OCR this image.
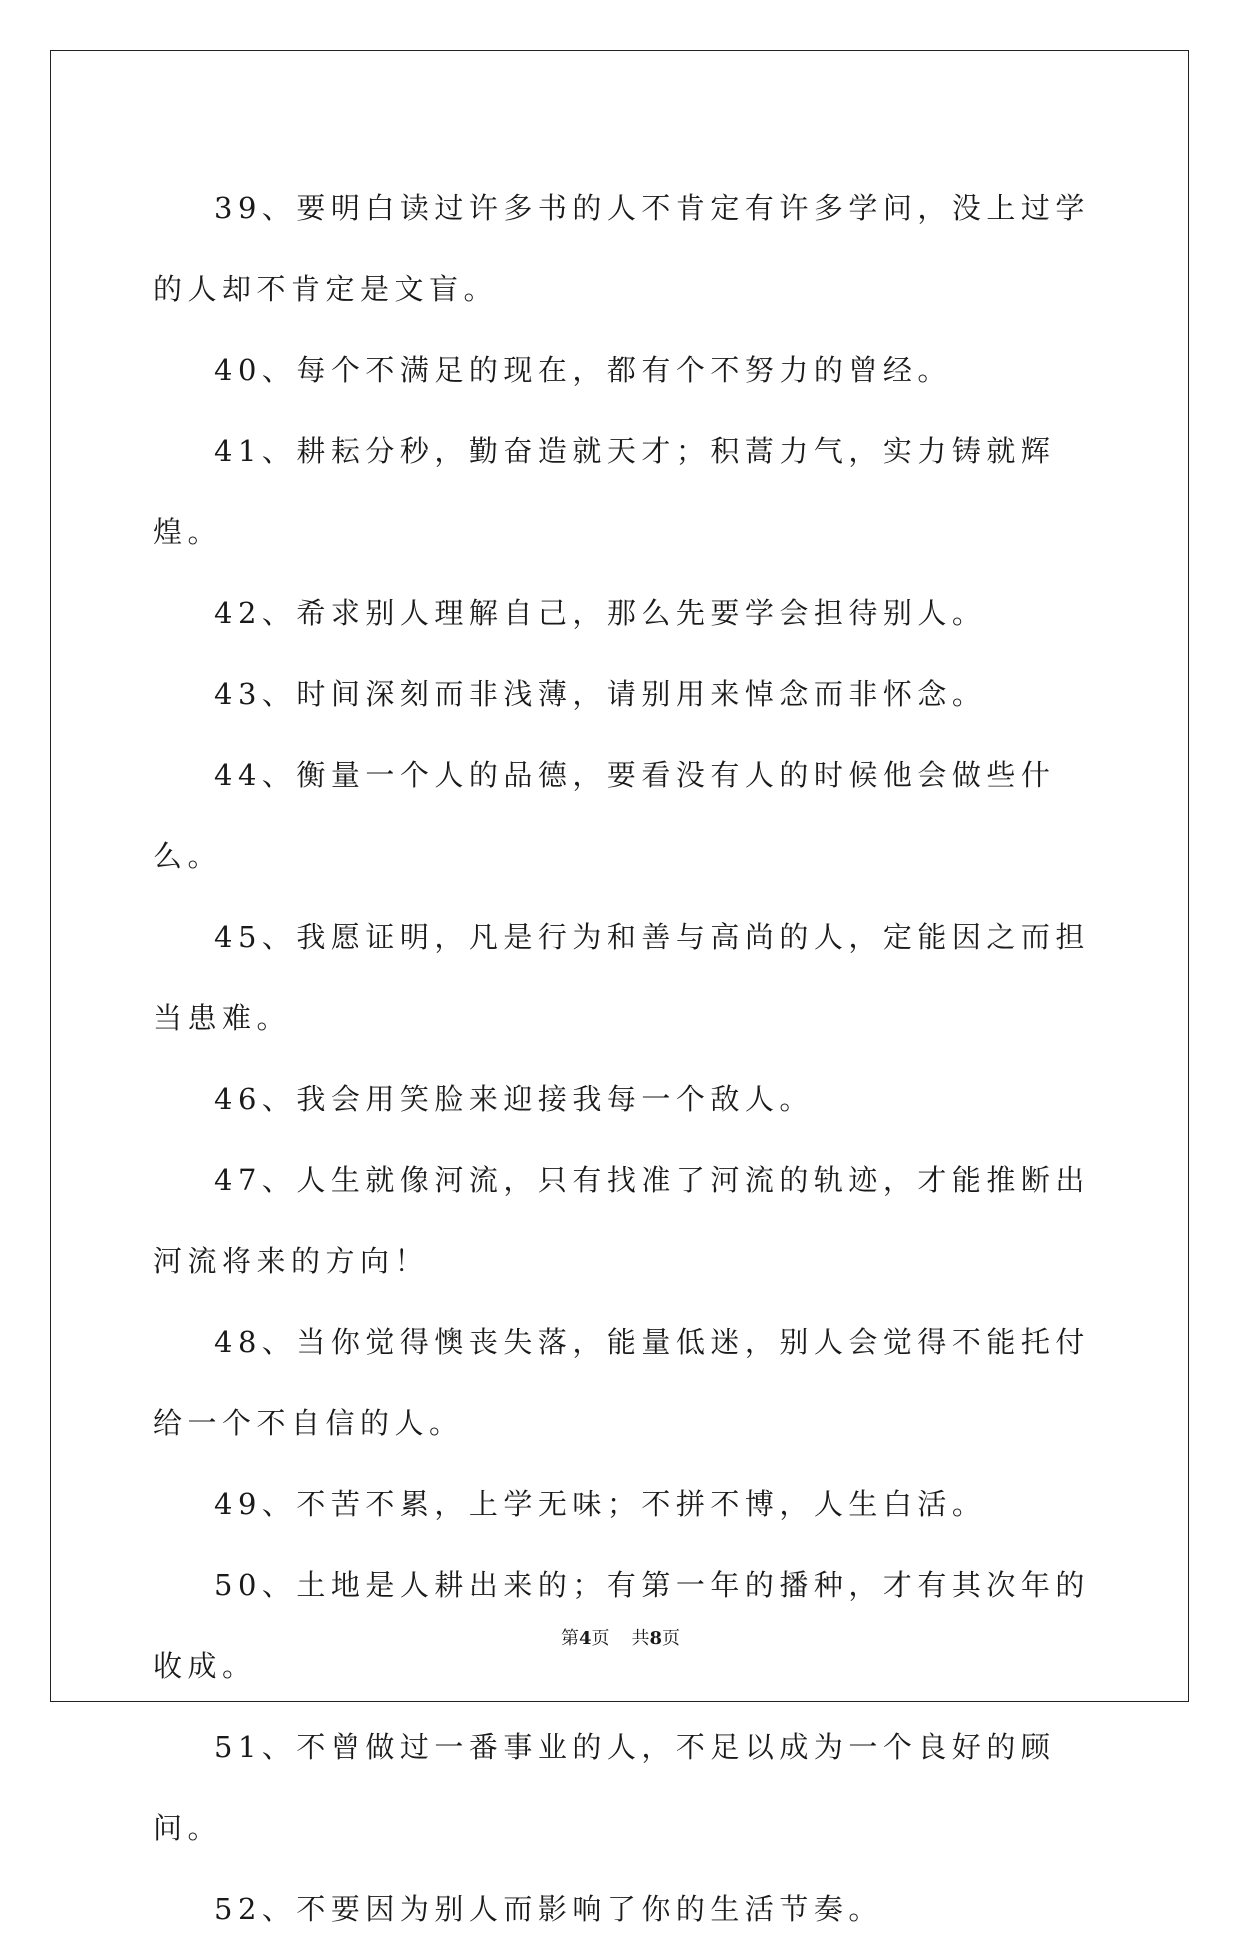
39、要明白读过许多书的人不肯定有许多学问，没上过学的人却不肯定是文盲。

40、每个不满足的现在，都有个不努力的曾经。

41、耕耘分秒，勤奋造就天才；积蒿力气，实力铸就辉煌。

42、希求别人理解自己，那么先要学会担待别人。

43、时间深刻而非浅薄，请别用来悼念而非怀念。

44、衡量一个人的品德，要看没有人的时候他会做些什么。

45、我愿证明，凡是行为和善与高尚的人，定能因之而担当患难。

46、我会用笑脸来迎接我每一个敌人。

47、人生就像河流，只有找准了河流的轨迹，才能推断出河流将来的方向！

48、当你觉得懊丧失落，能量低迷，别人会觉得不能托付给一个不自信的人。

49、不苦不累，上学无味；不拼不博，人生白活。

50、土地是人耕出来的；有第一年的播种，才有其次年的收成。

51、不曾做过一番事业的人，不足以成为一个良好的顾问。

52、不要因为别人而影响了你的生活节奏。

第4页 共8页
